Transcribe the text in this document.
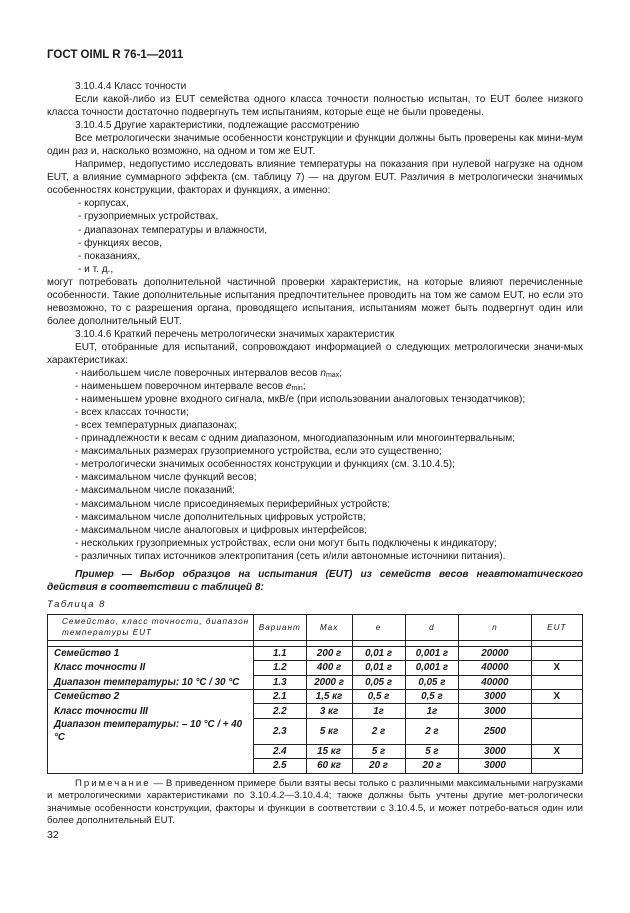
ГОСТ OIML R 76-1—2011

3.10.4.4 Класс точности

Если какой-либо из EUT семейства одного класса точности полностью испытан, то EUT более низкого класса точности достаточно подвергнуть тем испытаниям, которые еще не были проведены.

3.10.4.5 Другие характеристики, подлежащие рассмотрению

Все метрологически значимые особенности конструкции и функции должны быть проверены как мини-мум один раз и, насколько возможно, на одном и том же EUT.

Например, недопустимо исследовать влияние температуры на показания при нулевой нагрузке на одном EUT, а влияние суммарного эффекта (см. таблицу 7) — на другом EUT. Различия в метрологически значимых особенностях конструкции, факторах и функциях, а именно:

- корпусах,

- грузоприемных устройствах,

- диапазонах температуры и влажности,

- функциях весов,

- показаниях,

- и т. д.,

могут потребовать дополнительной частичной проверки характеристик, на которые влияют перечисленные особенности. Такие дополнительные испытания предпочтительнее проводить на том же самом EUT, но если это невозможно, то с разрешения органа, проводящего испытания, испытаниям может быть подвергнут один или более дополнительный EUT.

3.10.4.6 Краткий перечень метрологически значимых характеристик

EUT, отобранные для испытаний, сопровождают информацией о следующих метрологически значи-мых характеристиках:

- наибольшем числе поверочных интервалов весов $n_{max}$;

- наименьшем поверочном интервале весов $e_{min}$;

- наименьшем уровне входного сигнала, мкВ/e (при использовании аналоговых тензодатчиков);

- всех классах точности;

- всех температурных диапазонах;

- принадлежности к весам с одним диапазоном, многодиапазонным или многоинтервальным;

- максимальных размерах грузоприемного устройства, если это существенно;

- метрологически значимых особенностях конструкции и функциях (см. 3.10.4.5);

- максимальном числе функций весов;

- максимальном числе показаний;

- максимальном числе присоединяемых периферийных устройств;

- максимальном числе дополнительных цифровых устройств;

- максимальном числе аналоговых и цифровых интерфейсов;

- нескольких грузоприемных устройствах, если они могут быть подключены к индикатору;

- различных типах источников электропитания (сеть и/или автономные источники питания).

Пример — Выбор образцов на испытания (EUT) из семейств весов неавтоматического действия в соответствии с таблицей 8:

Таблица 8
Семейство, класс точности, диапазон температуры EUT	Вариант	Max	e	d	n	EUT

Семейство 1	1.1	200 г	0,01 г	0,001 г	20000	
Класс точности II	1.2	400 г	0,01 г	0,001 г	40000	X
Диапазон температуры: 10 °C / 30 °C	1.3	2000 г	0,05 г	0,05 г	40000	
Семейство 2	2.1	1,5 кг	0,5 г	0,5 г	3000	X
Класс точности III	2.2	3 кг	1г	1г	3000	
Диапазон температуры: – 10 °C / + 40 °C	2.3	5 кг	2 г	2 г	2500	
	2.4	15 кг	5 г	5 г	3000	X
	2.5	60 кг	20 г	20 г	3000	

Примечание — В приведенном примере были взяты весы только с различными максимальными нагрузками и метрологическими характеристиками по 3.10.4.2—3.10.4.4; также должны быть учтены другие мет-рологически значимые особенности конструкции, факторы и функции в соответствии с 3.10.4.5, и может потребо-ваться один или более дополнительный EUT.

32
